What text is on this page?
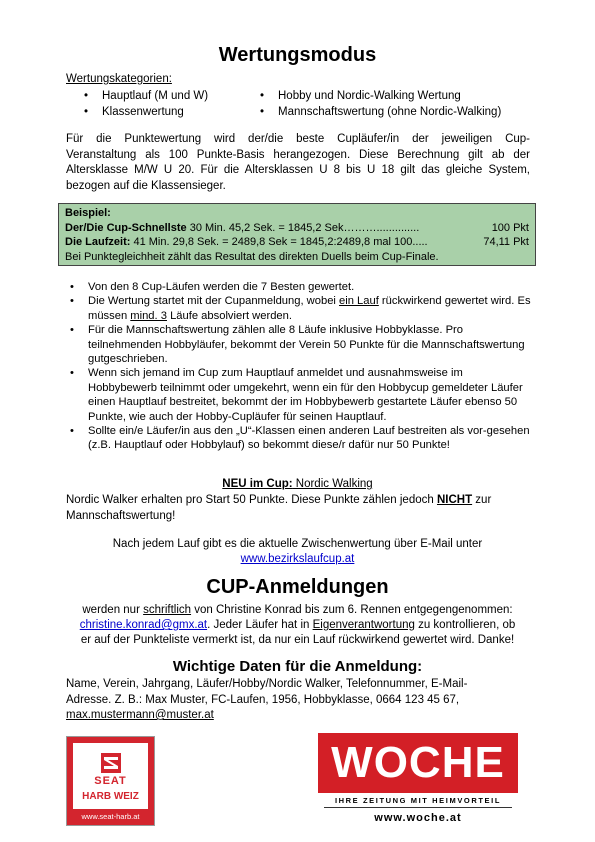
Wertungsmodus
Wertungskategorien:
• Hauptlauf (M und W)
• Klassenwertung
• Hobby und Nordic-Walking Wertung
• Mannschaftswertung (ohne Nordic-Walking)
Für die Punktewertung wird der/die beste Cupläufer/in der jeweiligen Cup-
Veranstaltung als 100 Punkte-Basis herangezogen. Diese Berechnung gilt ab der
Altersklasse M/W U 20. Für die Altersklassen U 8 bis U 18 gilt das gleiche System,
bezogen auf die Klassensieger.
Beispiel:
Der/Die Cup-Schnellste 30 Min. 45,2 Sek. = 1845,2 Sek………..............	100 Pkt
Die Laufzeit: 41 Min. 29,8 Sek. = 2489,8 Sek = 1845,2:2489,8 mal 100.....	74,11 Pkt
Bei Punktegleichheit zählt das Resultat des direkten Duells beim Cup-Finale.
• Von den 8 Cup-Läufen werden die 7 Besten gewertet.
• Die Wertung startet mit der Cupanmeldung, wobei ein Lauf rückwirkend gewertet wird. Es müssen mind. 3 Läufe absolviert werden.
• Für die Mannschaftswertung zählen alle 8 Läufe inklusive Hobbyklasse. Pro teilnehmenden Hobbyläufer, bekommt der Verein 50 Punkte für die Mannschaftswertung gutgeschrieben.
• Wenn sich jemand im Cup zum Hauptlauf anmeldet und ausnahmsweise im Hobbybewerb teilnimmt oder umgekehrt, wenn ein für den Hobbycup gemeldeter Läufer einen Hauptlauf bestreitet, bekommt der im Hobbybewerb gestartete Läufer ebenso 50 Punkte, wie auch der Hobby-Cupläufer für seinen Hauptlauf.
• Sollte ein/e Läufer/in aus den „U“-Klassen einen anderen Lauf bestreiten als vor-gesehen (z.B. Hauptlauf oder Hobbylauf) so bekommt diese/r dafür nur 50 Punkte!
NEU im Cup: Nordic Walking
Nordic Walker erhalten pro Start 50 Punkte. Diese Punkte zählen jedoch NICHT zur
Mannschaftswertung!
Nach jedem Lauf gibt es die aktuelle Zwischenwertung über E-Mail unter
www.bezirkslaufcup.at
CUP-Anmeldungen
werden nur schriftlich von Christine Konrad bis zum 6. Rennen entgegengenommen:
christine.konrad@gmx.at. Jeder Läufer hat in Eigenverantwortung zu kontrollieren, ob
er auf der Punkteliste vermerkt ist, da nur ein Lauf rückwirkend gewertet wird. Danke!
Wichtige Daten für die Anmeldung:
Name, Verein, Jahrgang, Läufer/Hobby/Nordic Walker, Telefonnummer, E-Mail-
Adresse. Z. B.: Max Muster, FC-Laufen, 1956, Hobbyklasse, 0664 123 45 67,
max.mustermann@muster.at
SEAT
HARB WEIZ
www.seat-harb.at
WOCHE
IHRE ZEITUNG MIT HEIMVORTEIL
www.woche.at
